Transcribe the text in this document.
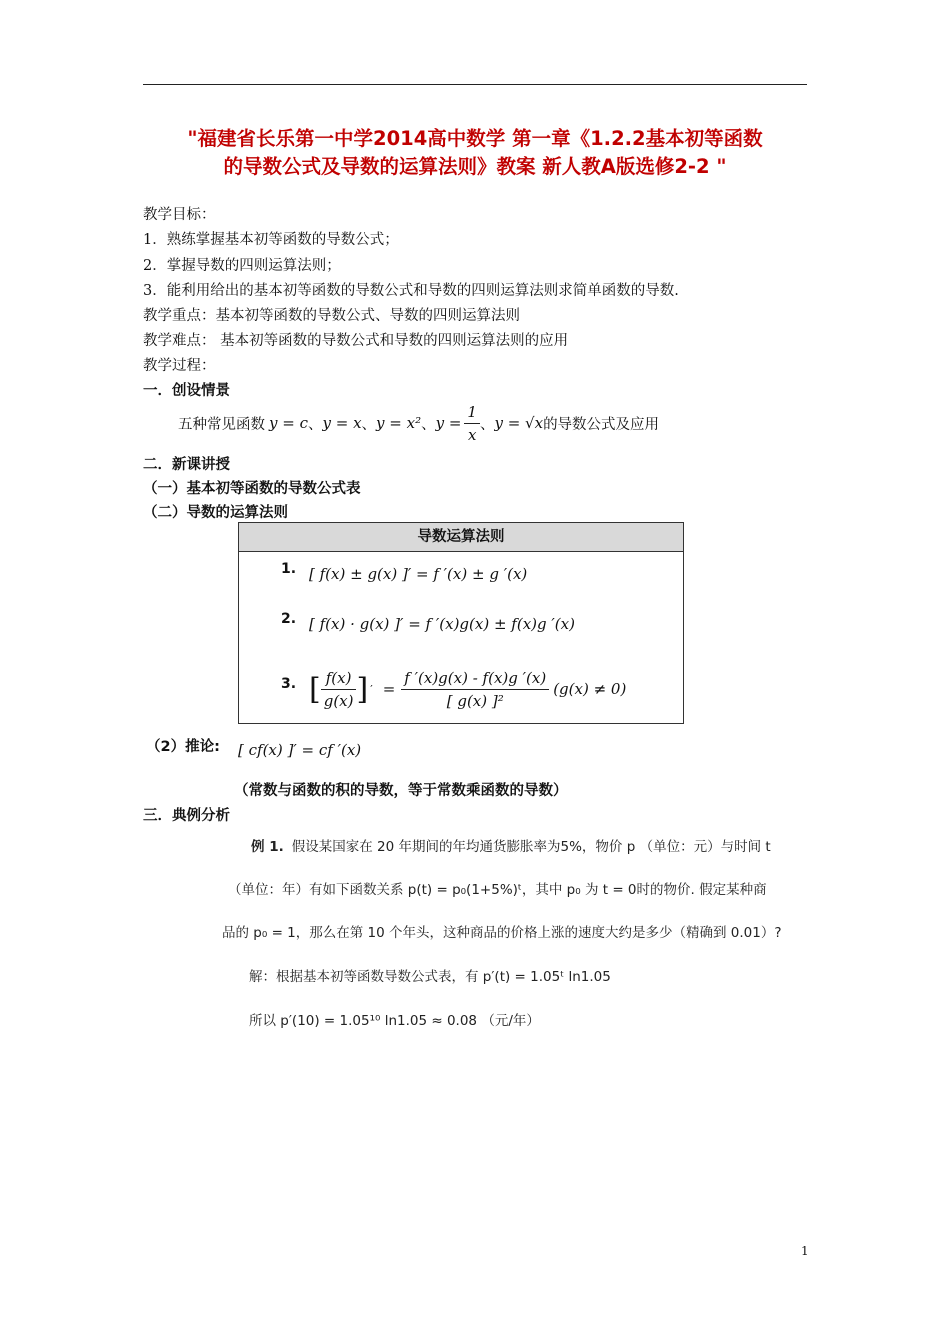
"福建省长乐第一中学2014高中数学 第一章《1.2.2基本初等函数
的导数公式及导数的运算法则》教案 新人教A版选修2-2 "
教学目标：
1．熟练掌握基本初等函数的导数公式；
2．掌握导数的四则运算法则；
3．能利用给出的基本初等函数的导数公式和导数的四则运算法则求简单函数的导数.
教学重点：基本初等函数的导数公式、导数的四则运算法则
教学难点： 基本初等函数的导数公式和导数的四则运算法则的应用
教学过程：
一．创设情景
五种常见函数 y = c 、 y = x 、 y = x² 、 $y = \frac{1}{x}$ 、 y = √x 的导数公式及应用
二．新课讲授
（一）基本初等函数的导数公式表
（二）导数的运算法则
导数运算法则
1. [ f(x) ± g(x) ]′ = f ′(x) ± g ′(x)
2. [ f(x) · g(x) ]′ = f ′(x)g(x) ± f(x)g ′(x)
3. [ $\frac{f(x)}{g(x)}$ ] ′ = $\frac{f '(x)g(x) - f(x)g '(x)}{\text{[ g(x) ]²}} (g(x) \ne 0)$
（2）推论: [ cf(x) ]′ = cf ′(x)
（常数与函数的积的导数，等于常数乘函数的导数）
三．典例分析
例 1. 假设某国家在 20 年期间的年均通货膨胀率为5%，物价 p （单位：元）与时间 t
（单位：年）有如下函数关系 p(t) = p₀(1+5%)ᵗ，其中 p₀ 为 t = 0时的物价. 假定某种商
品的 p₀ = 1，那么在第 10 个年头，这种商品的价格上涨的速度大约是多少（精确到 0.01）?
解：根据基本初等函数导数公式表，有 p′(t) = 1.05ᵗ ln1.05
所以 p′(10) = 1.05¹⁰ ln1.05 ≈ 0.08 （元/年）
1
